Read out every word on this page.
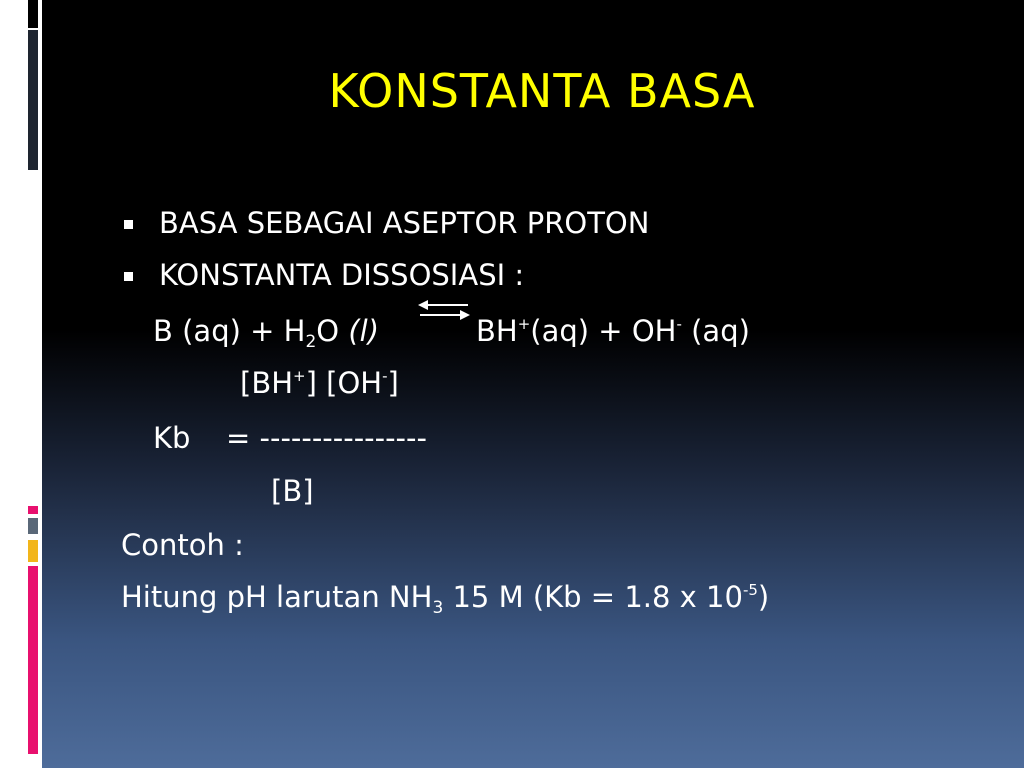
KONSTANTA BASA
BASA SEBAGAI ASEPTOR PROTON
KONSTANTA DISSOSIASI :
B $(aq) + H_2O$ (l)	BH+(aq) + OH- (aq)
[BH+] [OH-]
Kb = ----------------
[B]
Contoh :
Hitung pH larutan $NH_3$ 15 M (Kb = 1.8 x $10^{-5}$)
